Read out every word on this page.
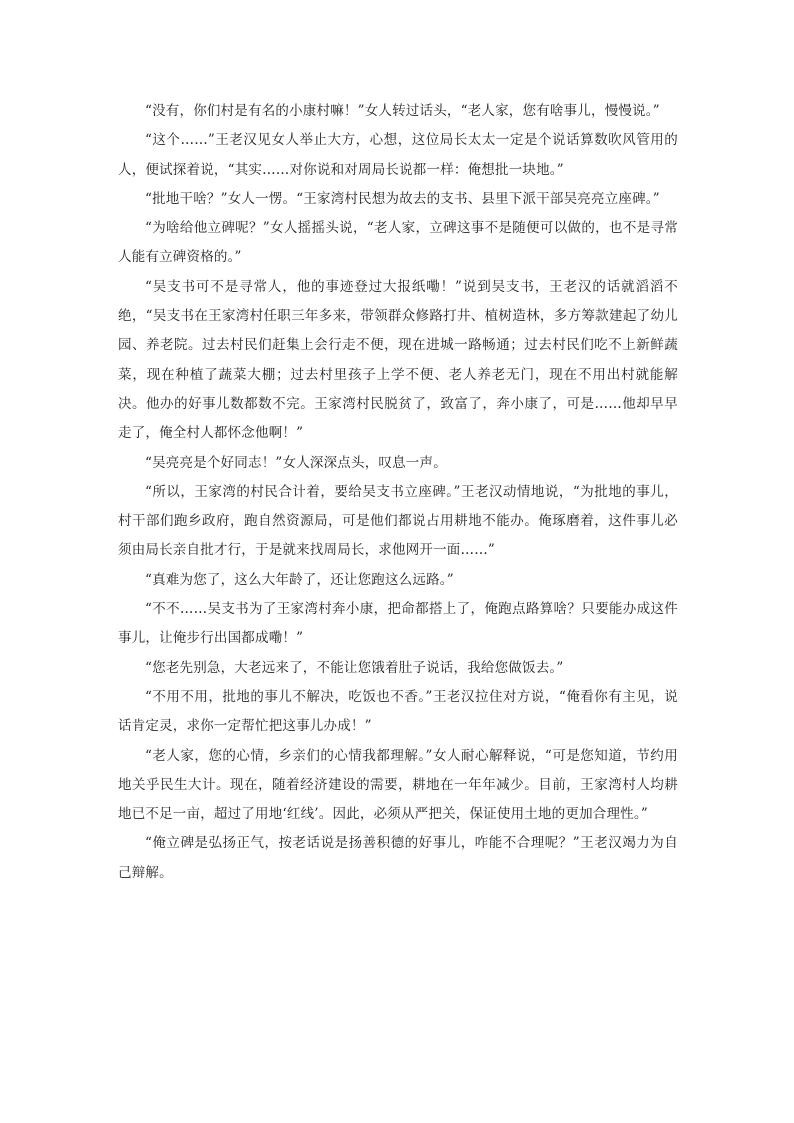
“没有，你们村是有名的小康村嘛！”女人转过话头，“老人家，您有啥事儿，慢慢说。”

“这个……”王老汉见女人举止大方，心想，这位局长太太一定是个说话算数吹风管用的人，便试探着说，“其实……对你说和对周局长说都一样：俺想批一块地。”

“批地干啥？”女人一愣。“王家湾村民想为故去的支书、县里下派干部吴亮亮立座碑。”

“为啥给他立碑呢？”女人摇摇头说，“老人家，立碑这事不是随便可以做的，也不是寻常人能有立碑资格的。”

“吴支书可不是寻常人，他的事迹登过大报纸嘞！”说到吴支书，王老汉的话就滔滔不绝，“吴支书在王家湾村任职三年多来，带领群众修路打井、植树造林，多方筹款建起了幼儿园、养老院。过去村民们赶集上会行走不便，现在进城一路畅通；过去村民们吃不上新鲜蔬菜，现在种植了蔬菜大棚；过去村里孩子上学不便、老人养老无门，现在不用出村就能解决。他办的好事儿数都数不完。王家湾村民脱贫了，致富了，奔小康了，可是……他却早早走了，俺全村人都怀念他啊！”

“吴亮亮是个好同志！”女人深深点头，叹息一声。

“所以，王家湾的村民合计着，要给吴支书立座碑。”王老汉动情地说，“为批地的事儿，村干部们跑乡政府，跑自然资源局，可是他们都说占用耕地不能办。俺琢磨着，这件事儿必须由局长亲自批才行，于是就来找周局长，求他网开一面……”

“真难为您了，这么大年龄了，还让您跑这么远路。”

“不不……吴支书为了王家湾村奔小康，把命都搭上了，俺跑点路算啥？只要能办成这件事儿，让俺步行出国都成嘞！”

“您老先别急，大老远来了，不能让您饿着肚子说话，我给您做饭去。”

“不用不用，批地的事儿不解决，吃饭也不香。”王老汉拉住对方说，“俺看你有主见，说话肯定灵，求你一定帮忙把这事儿办成！”

“老人家，您的心情，乡亲们的心情我都理解。”女人耐心解释说，“可是您知道，节约用地关乎民生大计。现在，随着经济建设的需要，耕地在一年年减少。目前，王家湾村人均耕地已不足一亩，超过了用地‘红线’。因此，必须从严把关，保证使用土地的更加合理性。”

“俺立碑是弘扬正气，按老话说是扬善积德的好事儿，咋能不合理呢？”王老汉竭力为自己辩解。
